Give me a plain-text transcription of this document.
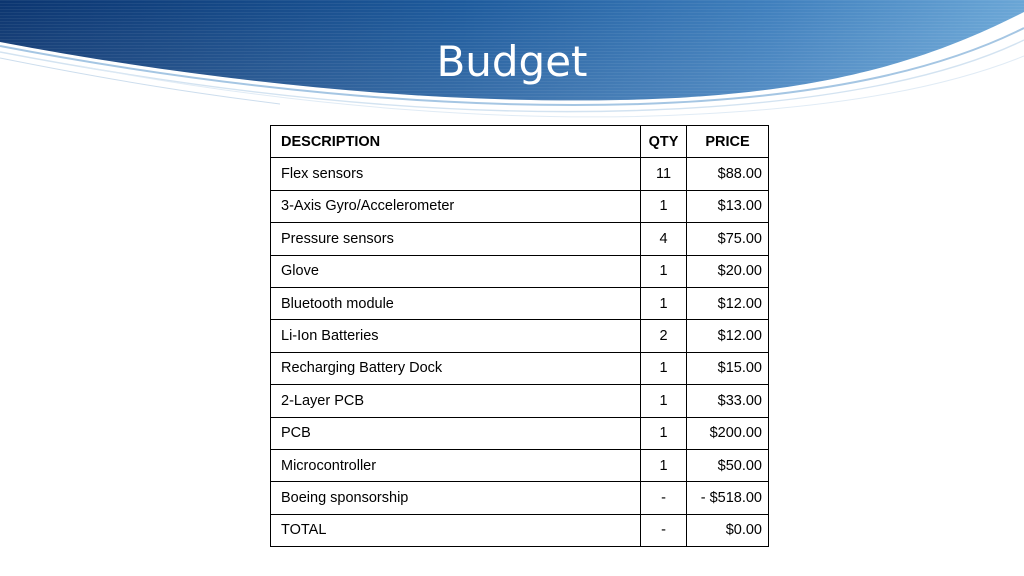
Budget
DESCRIPTION	QTY	PRICE
Flex sensors	11	$88.00
3-Axis Gyro/Accelerometer	1	$13.00
Pressure sensors	4	$75.00
Glove	1	$20.00
Bluetooth module	1	$12.00
Li-Ion Batteries	2	$12.00
Recharging Battery Dock	1	$15.00
2-Layer PCB	1	$33.00
PCB	1	$200.00
Microcontroller	1	$50.00
Boeing sponsorship	-	- $518.00
TOTAL	-	$0.00
